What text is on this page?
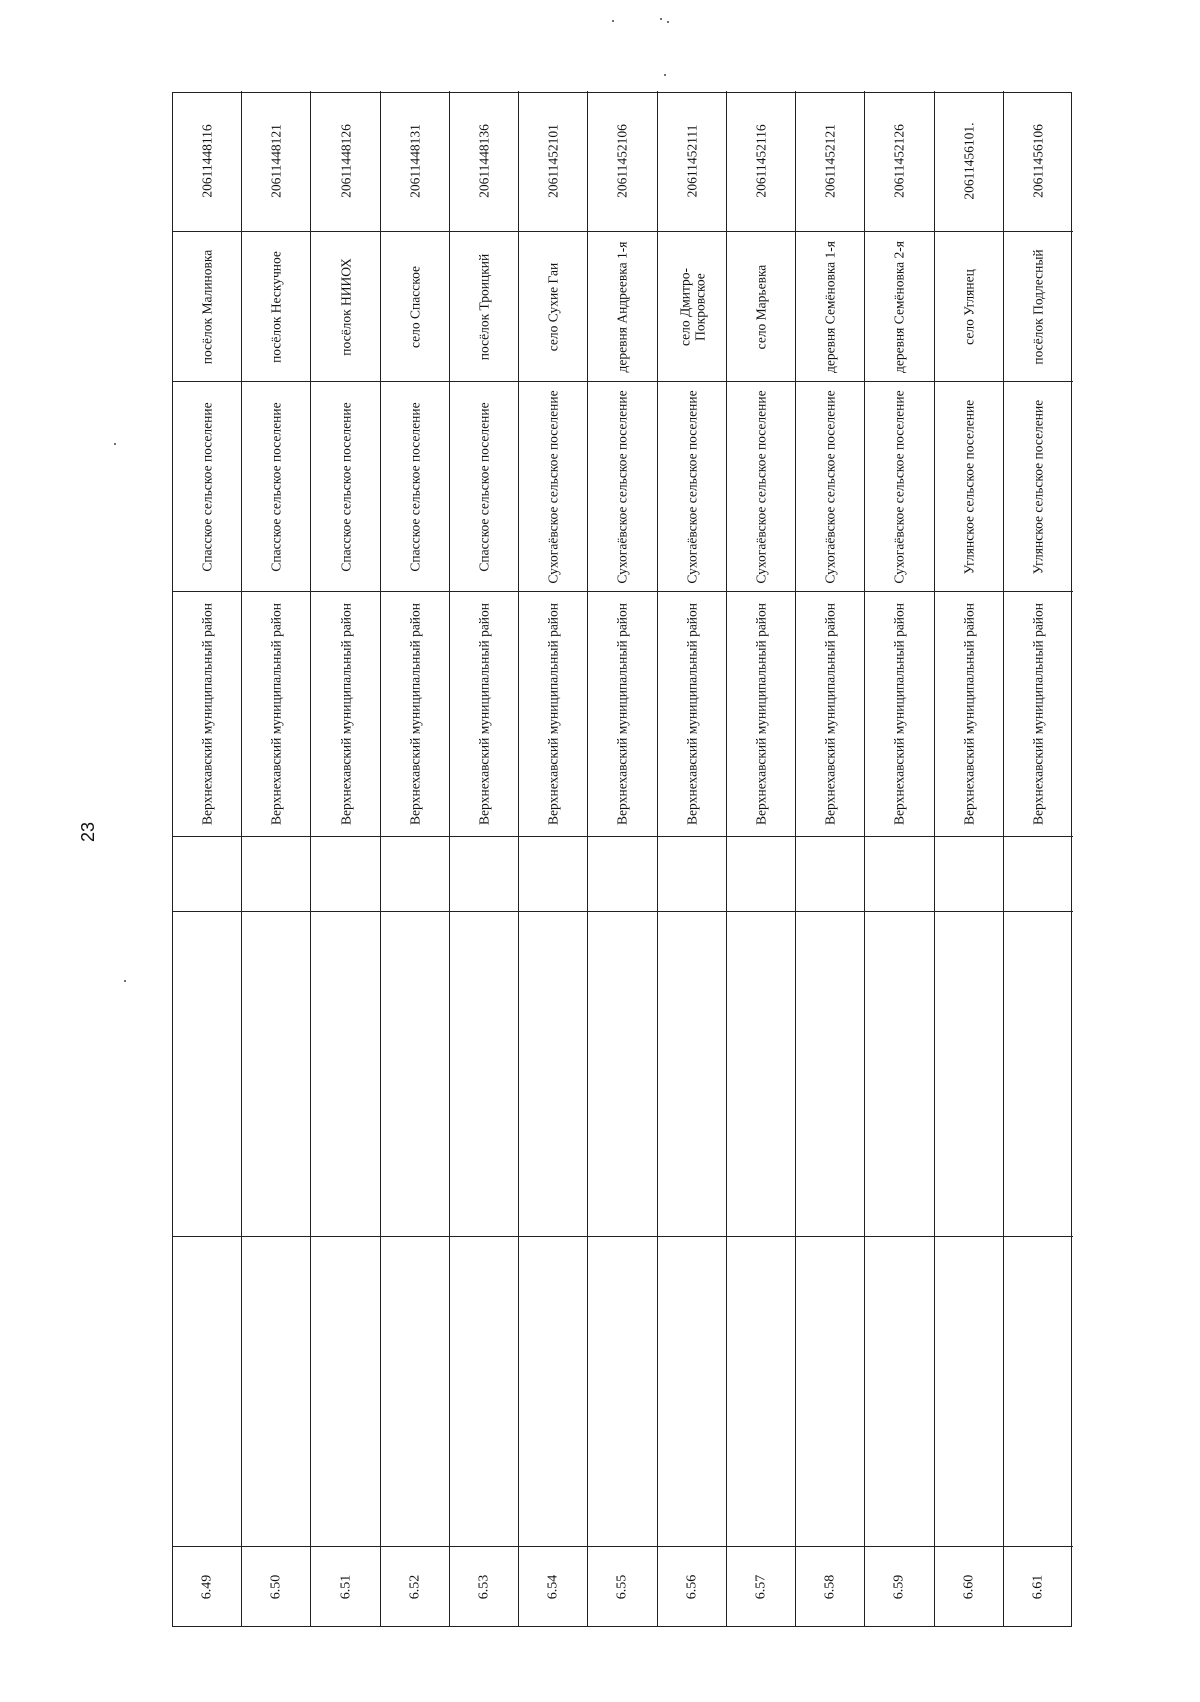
23
6.49
Верхнехавский муниципальный район
Спасское сельское поселение
посёлок Малиновка
20611448116
6.50
Верхнехавский муниципальный район
Спасское сельское поселение
посёлок Нескучное
20611448121
6.51
Верхнехавский муниципальный район
Спасское сельское поселение
посёлок НИИОХ
20611448126
6.52
Верхнехавский муниципальный район
Спасское сельское поселение
село Спасское
20611448131
6.53
Верхнехавский муниципальный район
Спасское сельское поселение
посёлок Троицкий
20611448136
6.54
Верхнехавский муниципальный район
Сухогаёвское сельское поселение
село Сухие Гаи
20611452101
6.55
Верхнехавский муниципальный район
Сухогаёвское сельское поселение
деревня Андреевка 1-я
20611452106
6.56
Верхнехавский муниципальный район
Сухогаёвское сельское поселение
село Дмитро-Покровское
20611452111
6.57
Верхнехавский муниципальный район
Сухогаёвское сельское поселение
село Марьевка
20611452116
6.58
Верхнехавский муниципальный район
Сухогаёвское сельское поселение
деревня Семёновка 1-я
20611452121
6.59
Верхнехавский муниципальный район
Сухогаёвское сельское поселение
деревня Семёновка 2-я
20611452126
6.60
Верхнехавский муниципальный район
Углянское сельское поселение
село Углянец
20611456101.
6.61
Верхнехавский муниципальный район
Углянское сельское поселение
посёлок Подлесный
20611456106
